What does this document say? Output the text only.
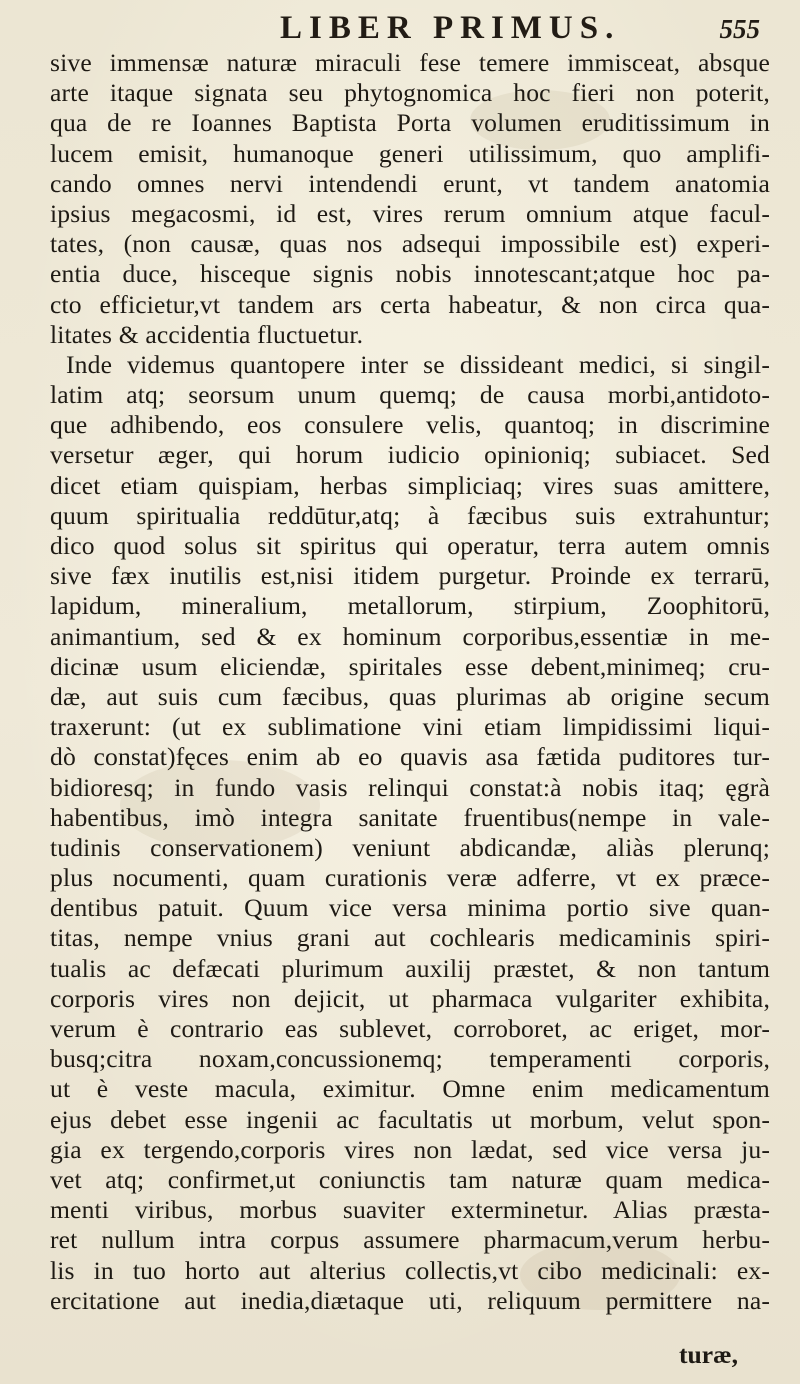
LIBER PRIMUS.	555
sive immensæ naturæ miraculi fese temere immisceat, absque
arte itaque signata seu phytognomica hoc fieri non poterit,
qua de re Ioannes Baptista Porta volumen eruditissimum in
lucem emisit, humanoque generi utilissimum, quo amplifi-
cando omnes nervi intendendi erunt, vt tandem anatomia
ipsius megacosmi, id est, vires rerum omnium atque facul-
tates, (non causæ, quas nos adsequi impossibile est) experi-
entia duce, hisceque signis nobis innotescant;atque hoc pa-
cto efficietur,vt tandem ars certa habeatur, & non circa qua-
litates & accidentia fluctuetur.
Inde videmus quantopere inter se dissideant medici, si singil-
latim atq; seorsum unum quemq; de causa morbi,antidoto-
que adhibendo, eos consulere velis, quantoq; in discrimine
versetur æger, qui horum iudicio opinioniq; subiacet. Sed
dicet etiam quispiam, herbas simpliciaq; vires suas amittere,
quum spiritualia reddūtur,atq; à fæcibus suis extrahuntur;
dico quod solus sit spiritus qui operatur, terra autem omnis
sive fæx inutilis est,nisi itidem purgetur. Proinde ex terrarū,
lapidum, mineralium, metallorum, stirpium, Zoophitorū,
animantium, sed & ex hominum corporibus,essentiæ in me-
dicinæ usum eliciendæ, spiritales esse debent,minimeq; cru-
dæ, aut suis cum fæcibus, quas plurimas ab origine secum
traxerunt: (ut ex sublimatione vini etiam limpidissimi liqui-
dò constat)fęces enim ab eo quavis asa fætida puditores tur-
bidioresq; in fundo vasis relinqui constat:à nobis itaq; ęgrà
habentibus, imò integra sanitate fruentibus(nempe in vale-
tudinis conservationem) veniunt abdicandæ, aliàs plerunq;
plus nocumenti, quam curationis veræ adferre, vt ex præce-
dentibus patuit. Quum vice versa minima portio sive quan-
titas, nempe vnius grani aut cochlearis medicaminis spiri-
tualis ac defæcati plurimum auxilij præstet, & non tantum
corporis vires non dejicit, ut pharmaca vulgariter exhibita,
verum è contrario eas sublevet, corroboret, ac eriget, mor-
busq;citra noxam,concussionemq; temperamenti corporis,
ut è veste macula, eximitur. Omne enim medicamentum
ejus debet esse ingenii ac facultatis ut morbum, velut spon-
gia ex tergendo,corporis vires non lædat, sed vice versa ju-
vet atq; confirmet,ut coniunctis tam naturæ quam medica-
menti viribus, morbus suaviter exterminetur. Alias præsta-
ret nullum intra corpus assumere pharmacum,verum herbu-
lis in tuo horto aut alterius collectis,vt cibo medicinali: ex-
ercitatione aut inedia,diætaque uti, reliquum permittere na-
turæ,
